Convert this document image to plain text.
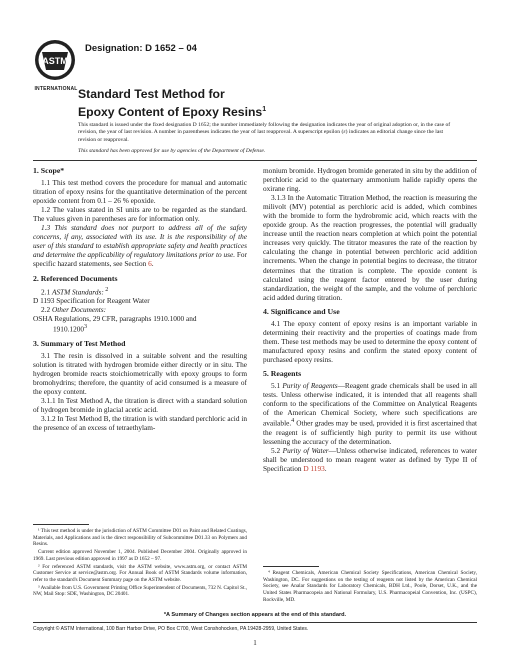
ASTM
INTERNATIONAL
Designation: D 1652 – 04
Standard Test Method for
Epoxy Content of Epoxy Resins$^1$

This standard is issued under the fixed designation D 1652; the number immediately following the designation indicates the year of original adoption or, in the case of revision, the year of last revision. A number in parentheses indicates the year of last reapproval. A superscript epsilon (ε) indicates an editorial change since the last revision or reapproval.

This standard has been approved for use by agencies of the Department of Defense.

1. Scope*

1.1 This test method covers the procedure for manual and automatic titration of epoxy resins for the quantitative determination of the percent epoxide content from 0.1 – 26 % epoxide.

1.2 The values stated in SI units are to be regarded as the standard. The values given in parentheses are for information only.

1.3 This standard does not purport to address all of the safety concerns, if any, associated with its use. It is the responsibility of the user of this standard to establish appropriate safety and health practices and determine the applicability of regulatory limitations prior to use. For specific hazard statements, see Section 6.

2. Referenced Documents

2.1 ASTM Standards: $^2$

D 1193 Specification for Reagent Water

2.2 Other Documents:

OSHA Regulations, 29 CFR, paragraphs 1910.1000 and

1910.1200$^3$

3. Summary of Test Method

3.1 The resin is dissolved in a suitable solvent and the resulting solution is titrated with hydrogen bromide either directly or in situ. The hydrogen bromide reacts stoichiometrically with epoxy groups to form bromohydrins; therefore, the quantity of acid consumed is a measure of the epoxy content.

3.1.1 In Test Method A, the titration is direct with a standard solution of hydrogen bromide in glacial acetic acid.

3.1.2 In Test Method B, the titration is with standard perchloric acid in the presence of an excess of tetraethylam-

monium bromide. Hydrogen bromide generated in situ by the addition of perchloric acid to the quaternary ammonium halide rapidly opens the oxirane ring.

3.1.3 In the Automatic Titration Method, the reaction is measuring the milivolt (MV) potential as perchloric acid is added, which combines with the bromide to form the hydrobromic acid, which reacts with the epoxide group. As the reaction progresses, the potential will gradually increase until the reaction nears completion at which point the potential increases very quickly. The titrator measures the rate of the reaction by calculating the change in potential between perchloric acid addition increments. When the change in potential begins to decrease, the titrator determines that the titration is complete. The epoxide content is calculated using the reagent factor entered by the user during standardization, the weight of the sample, and the volume of perchloric acid added during titration.

4. Significance and Use

4.1 The epoxy content of epoxy resins is an important variable in determining their reactivity and the properties of coatings made from them. These test methods may be used to determine the epoxy content of manufactured epoxy resins and confirm the stated epoxy content of purchased epoxy resins.

5. Reagents

5.1 Purity of Reagents—Reagent grade chemicals shall be used in all tests. Unless otherwise indicated, it is intended that all reagents shall conform to the specifications of the Committee on Analytical Reagents of the American Chemical Society, where such specifications are available.$^4$ Other grades may be used, provided it is first ascertained that the reagent is of sufficiently high purity to permit its use without lessening the accuracy of the determination.

5.2 Purity of Water—Unless otherwise indicated, references to water shall be understood to mean reagent water as defined by Type II of Specification D 1193.

¹ This test method is under the jurisdiction of ASTM Committee D01 on Paint and Related Coatings, Materials, and Applications and is the direct responsibility of Subcommittee D01.33 on Polymers and Resins.

Current edition approved November 1, 2004. Published December 2004. Originally approved in 1969. Last previous edition approved in 1997 as D 1652 – 97.

² For referenced ASTM standards, visit the ASTM website, www.astm.org, or contact ASTM Customer Service at service@astm.org. For Annual Book of ASTM Standards volume information, refer to the standard's Document Summary page on the ASTM website.

³ Available from U.S. Government Printing Office Superintendent of Documents, 732 N. Capitol St., NW, Mail Stop: SDE, Washington, DC 20401.

⁴ Reagent Chemicals, American Chemical Society Specifications, American Chemical Society, Washington, DC. For suggestions on the testing of reagents not listed by the American Chemical Society, see Analar Standards for Laboratory Chemicals, BDH Ltd., Poole, Dorset, U.K., and the United States Pharmacopeia and National Formulary, U.S. Pharmacopeial Convention, Inc. (USPC), Rockville, MD.

*A Summary of Changes section appears at the end of this standard.
Copyright © ASTM International, 100 Barr Harbor Drive, PO Box C700, West Conshohocken, PA 19428-2959, United States.
1
